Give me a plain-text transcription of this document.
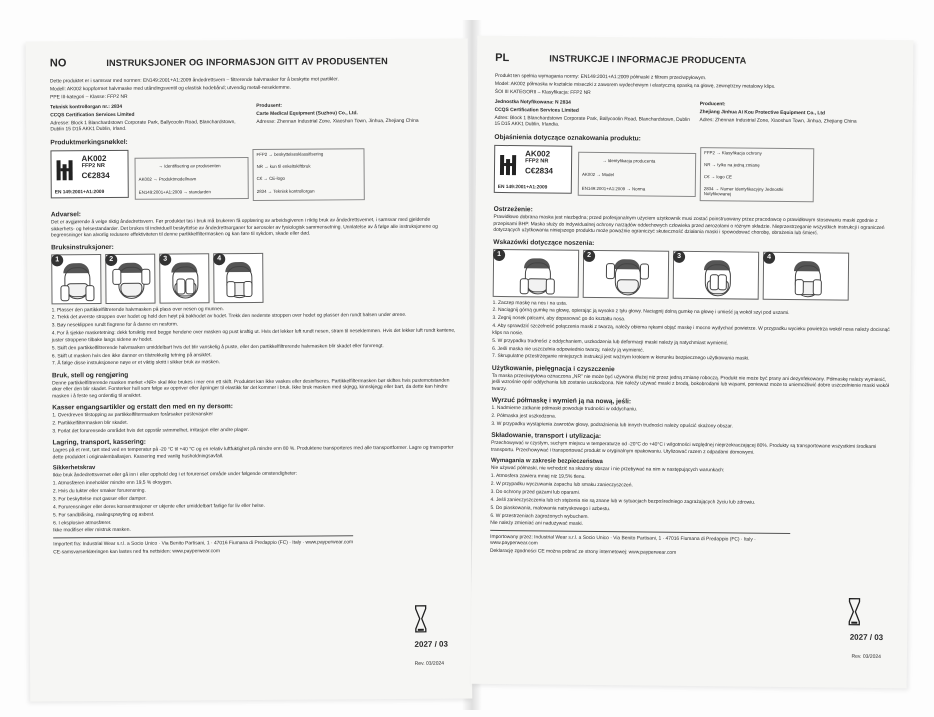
NO	INSTRUKSJONER OG INFORMASJON GITT AV PRODUSENTEN

Dette produktet er i samsvar med normen: EN149:2001+A1:2009 åndedrettsvern – filtrerende halvmasker for å beskytte mot partikler.

Modell: AK002 koppformet halvmaske med utåndingsventil og elastisk hodebånd; utvendig metall-neseklemme.

PPE III-kategori – Klasse: FFP2 NR

Teknisk kontrollorgan nr.: 2834

CCQS Certification Services Limited

Adresse: Block 1 Blanchardstown Corporate Park, Ballycoolin Road, Blanchardstown, Dublin 15 D15 AKK1 Dublin, Irland.

Produsent:

Carte Medical Equipment (Suzhou) Co., Ltd.

Adresse: Zhennan Industrial Zone, Xiaoshun Town, Jinhua, Zhejiang China

Produktmerkingsnøkkel:
AK002
FFP2 NR
C€2834
EN 149:2001+A1:2009
→ Identifisering av produsenten
AK002 → Produktmodellnavn
EN149:2001+A1:2009 → standarden
FFP2 → beskyttelsesklassifisering
NR → kun til enkeltskiftbruk
C€ → CE-logo
2834 → Teknisk kontrollorgan
Advarsel:

Det er avgjørende å velge riktig åndedrettsvern. Før produktet tas i bruk må brukeren få opplæring av arbeidsgiveren i riktig bruk av åndedrettsvernet, i samsvar med gjeldende sikkerhets- og helsestandarder. Det brukes til individuell beskyttelse av åndedrettsorganer for aerosoler av fysiologisk sammensetning. Unnlatelse av å følge alle instruksjonene og begrensninger kan alvorlig redusere effektiviteten til denne partikkelfiltermasken og kan føre til sykdom, skade eller død.

Bruksinstruksjoner:
1	2	3	4

1. Plasser den partikkelfiltrerende halvmasken på plass over nesen og munnen.

2. Trekk det øverste stroppen over hodet og hold den høyt på bakhodet av hodet. Trekk den nederste stroppen over hodet og plasser den rundt halsen under ørene.

3. Bøy neseklippen rundt fingrene for å danne en nesform.

4. For å sjekke masketetning: dekk forsiktig med begge hendene over masken og pust kraftig ut. Hvis det lekker luft rundt nesen, stram til neseklemmen. Hvis det lekker luft rundt kantene, juster stroppene tilbake langs sidene av hodet.

5. Skift den partikkelfiltrerende halvmasken umiddelbart hvis det blir vanskelig å puste, eller den partikkelfiltrerende halvmasken blir skadet eller forvrengt.

6. Skift ut masken hvis den ikke dannor en tilstrekkelig tetning på ansiktet.

7. Å følge disse instruksjonene nøye er et viktig skritt i sikker bruk av masken.

Bruk, stell og rengjøring

Denne partikkelfiltrerende masken merket «NR» skal ikke brukes i mer enn ett skift. Produktet kan ikke vaskes eller desinfiseres. Partikkelfiltermasken bør skiftes hvis pustemotstanden øker eller den blir skadet. Forsterker hull som følge av oppriver eller åpninger til elastikk før det kommer i bruk. Ikke bruk masken med skjegg, kinnskjegg eller bart, da dette kan hindre masken i å feste seg ordentlig til ansiktet.

Kasser engangsartikler og erstatt den med en ny dersom:

1. Overdreven tilstopping av partikkelfiltermasken forårsaker pustevansker

2. Partikkelfiltermasken blir skadet.

3. Forlat det forurensede området hvis det oppstår svimmelhet, irritasjon eller andre plager.

Lagring, transport, kassering:

Lagres på et rent, tørt sted ved en temperatur på -20 °C til +40 °C og en relativ luftfuktighet på mindre enn 80 %. Produktene transporteres med alle transportformer. Lagre og transporter dette produktet i originalemballasjen. Kassering med vanlig husholdningsavfall.

Sikkerhetskrav

Ikke bruk åndedrettsvernet eller gå inn i eller opphold deg i et forurenset område under følgende omstendigheter:

1. Atmosfæren inneholder mindre enn 19,5 % oksygen.

2. Hvis du lukter eller smaker forurensning.

3. For beskyttelse mot gasser eller damper.

4. Forurensninger eller deres konsentrasjoner er ukjente eller umiddelbart farlige for liv eller helse.

5. For sandblåsing, malingsprøyting og asbest.

6. I eksplosive atmosfærer.

Ikke modifiser eller mistruk masken.

Importert fra: Industrial Wear s.r.l. a Socio Unico · Via Benito Partisani, 1 · 47016 Fiumana di Predappio (FC) · Italy · www.payperwear.com

CE-samsvarserklæringen kan lastes ned fra nettsiden: www.payperwear.com

2027 / 03
Rev. 03/2024
PL	INSTRUKCJE I INFORMACJE PRODUCENTA

Produkt ten spełnia wymagania normy: EN149:2001+A1:2009 półmaski z filtrem przeciwpyłowym.

Model: AK002 półmaska w kształcie miseczki z zaworem wydechowym i elastyczną opaską na głowę, zewnętrzny metalowy klips.

ŚOI III KATEGORII – Klasyfikacja: FFP2 NR

Jednostka Notyfikowana: N 2834

CCQS Certification Services Limited

Adres: Block 1 Blanchardstown Corporate Park, Ballycoolin Road, Blanchardstown, Dublin 15 D15 AKK1 Dublin, Irlandia.

Producent:

Zhejiang Jinhua Ai Kou Protective Equipment Co., Ltd

Adres: Zhennan Industrial Zone, Xiaoshun Town, Jinhua, Zhejiang China

Objaśnienia dotyczące oznakowania produktu:
AK002
FFP2 NR
C€2834
EN 149:2001+A1:2009
→ Identyfikacja producenta
AK002 → Model
EN149:2001+A1:2009 → Norma
FFP2 → Klasyfikacja ochrony
NR → tylko na jedną zmianę
C€ → logo CE
2834 → Numer Identyfikacyjny Jednostki Notyfikowanej
Ostrzeżenie:

Prawidłowo dobrana maska jest niezbędna; przed profesjonalnym użyciem użytkownik musi zostać poinstruowany przez pracodawcę o prawidłowym stosowaniu maski zgodnie z przepisami BHP. Maska służy do indywidualnej ochrony narządów oddechowych człowieka przed aerozolami o różnym składzie. Nieprzestrzeganie wszystkich instrukcji i ograniczeń dotyczących użytkowania niniejszego produktu może poważnie ograniczyć skuteczność działania maski i spowodować chorobę, obrażenia lub śmierć.

Wskazówki dotyczące noszenia:
1	2	3	4

1. Zaczep maskę na nos i na usta.

2. Naciągnij górną gumkę na głowę, opierając ją wysoko z tyłu głowy. Naciągnij dolną gumkę na głowę i umieść ją wokół szyi pod uszami.

3. Zegnij nosek palcami, aby dopasować go do kształtu nosa.

4. Aby sprawdzić szczelność połączenia maski z twarzą, należy obiema rękami objąć maskę i mocno wydychać powietrze. W przypadku wycieku powietrza wokół nosa należy docisnąć klips na nosie.

5. W przypadku trudności z oddychaniem, uszkodzenia lub deformacji maski należy ją natychmiast wymienić.

6. Jeśli maska nie uszczelnia odpowiednio twarzy, należy ją wymienić.

7. Skrupulatne przestrzeganie niniejszych instrukcji jest ważnym krokiem w kierunku bezpiecznego użytkowania maski.

Użytkowanie, pielęgnacja i czyszczenie

Ta maska przeciwpyłowa oznaczona „NR” nie może być używana dłużej niż przez jedną zmianę roboczą. Produkt nie może być prany ani dezynfekowany. Półmaskę należy wymienić, jeśli wzrośnie opór oddychania lub zostanie uszkodzona. Nie należy używać maski z brodą, bokobrodami lub wąsami, ponieważ może to uniemożliwić dobre uszczelnienie maski wokół twarzy.

Wyrzuć półmaskę i wymień ją na nową, jeśli:

1. Nadmierne zatkanie półmaski powoduje trudności w oddychaniu.

2. Półmaska jest uszkodzona.

3. W przypadku wystąpienia zawrotów głowy, podrażnienia lub innych trudności należy opuścić skażony obszar.

Składowanie, transport i utylizacja:

Przechowywać w czystym, suchym miejscu w temperaturze od -20°C do +40°C i wilgotności względnej nieprzekraczającej 80%. Produkty są transportowane wszystkimi środkami transportu. Przechowywać i transportować produkt w oryginalnym opakowaniu. Utylizować razem z odpadami domowymi.

Wymagania w zakresie bezpieczeństwa

Nie używać półmaski, nie wchodzić na skażony obszar i nie przebywać na nim w następujących warunkach:

1. Atmosfera zawiera mniej niż 19,5% tlenu.

2. W przypadku wyczuwania zapachu lub smaku zanieczyszczeń.

3. Do ochrony przed gazami lub oparami.

4. Jeśli zanieczyszczenia lub ich stężenia nie są znane lub w sytuacjach bezpośredniego zagrażających życiu lub zdrowiu.

5. Do piaskowania, malowania natryskowego i azbestu.

6. W przestrzeniach zagrożonych wybuchem.

Nie należy zmieniać ani nadużywać maski.

Importowany przez: Industrial Wear s.r.l. a Socio Unico · Via Benito Partisani, 1 · 47016 Fiumana di Predappio (FC) · Italy · www.payperwear.com

Deklarację zgodności CE można pobrać ze strony internetowej: www.payperwear.com

2027 / 03
Rev. 03/2024
